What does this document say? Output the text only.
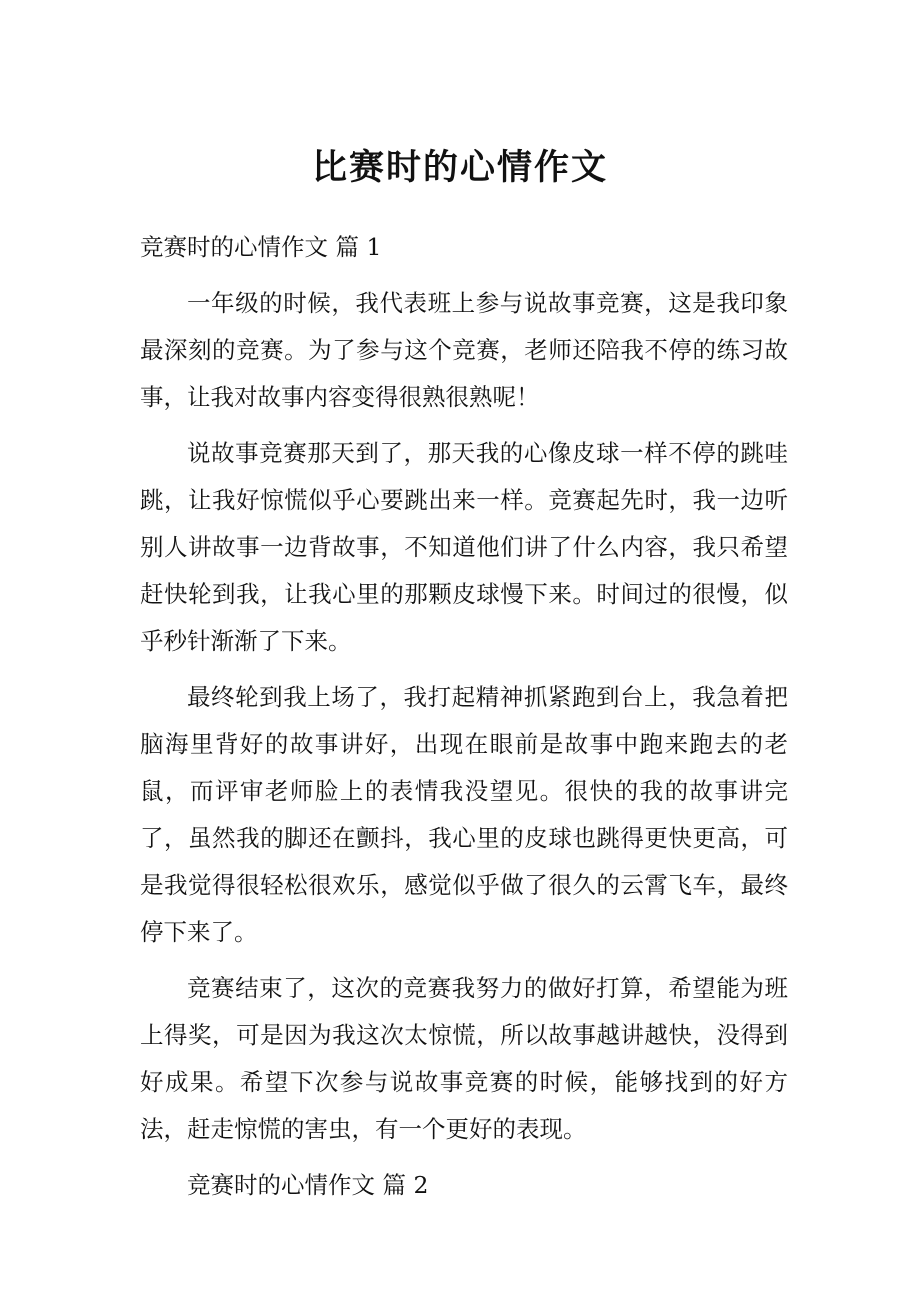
比赛时的心情作文

竞赛时的心情作文 篇 1

一年级的时候，我代表班上参与说故事竞赛，这是我印象最深刻的竞赛。为了参与这个竞赛，老师还陪我不停的练习故事，让我对故事内容变得很熟很熟呢！

说故事竞赛那天到了，那天我的心像皮球一样不停的跳哇跳，让我好惊慌似乎心要跳出来一样。竞赛起先时，我一边听别人讲故事一边背故事，不知道他们讲了什么内容，我只希望赶快轮到我，让我心里的那颗皮球慢下来。时间过的很慢，似乎秒针渐渐了下来。

最终轮到我上场了，我打起精神抓紧跑到台上，我急着把脑海里背好的故事讲好，出现在眼前是故事中跑来跑去的老鼠，而评审老师脸上的表情我没望见。很快的我的故事讲完了，虽然我的脚还在颤抖，我心里的皮球也跳得更快更高，可是我觉得很轻松很欢乐，感觉似乎做了很久的云霄飞车，最终停下来了。

竞赛结束了，这次的竞赛我努力的做好打算，希望能为班上得奖，可是因为我这次太惊慌，所以故事越讲越快，没得到好成果。希望下次参与说故事竞赛的时候，能够找到的好方法，赶走惊慌的害虫，有一个更好的表现。

竞赛时的心情作文 篇 2
